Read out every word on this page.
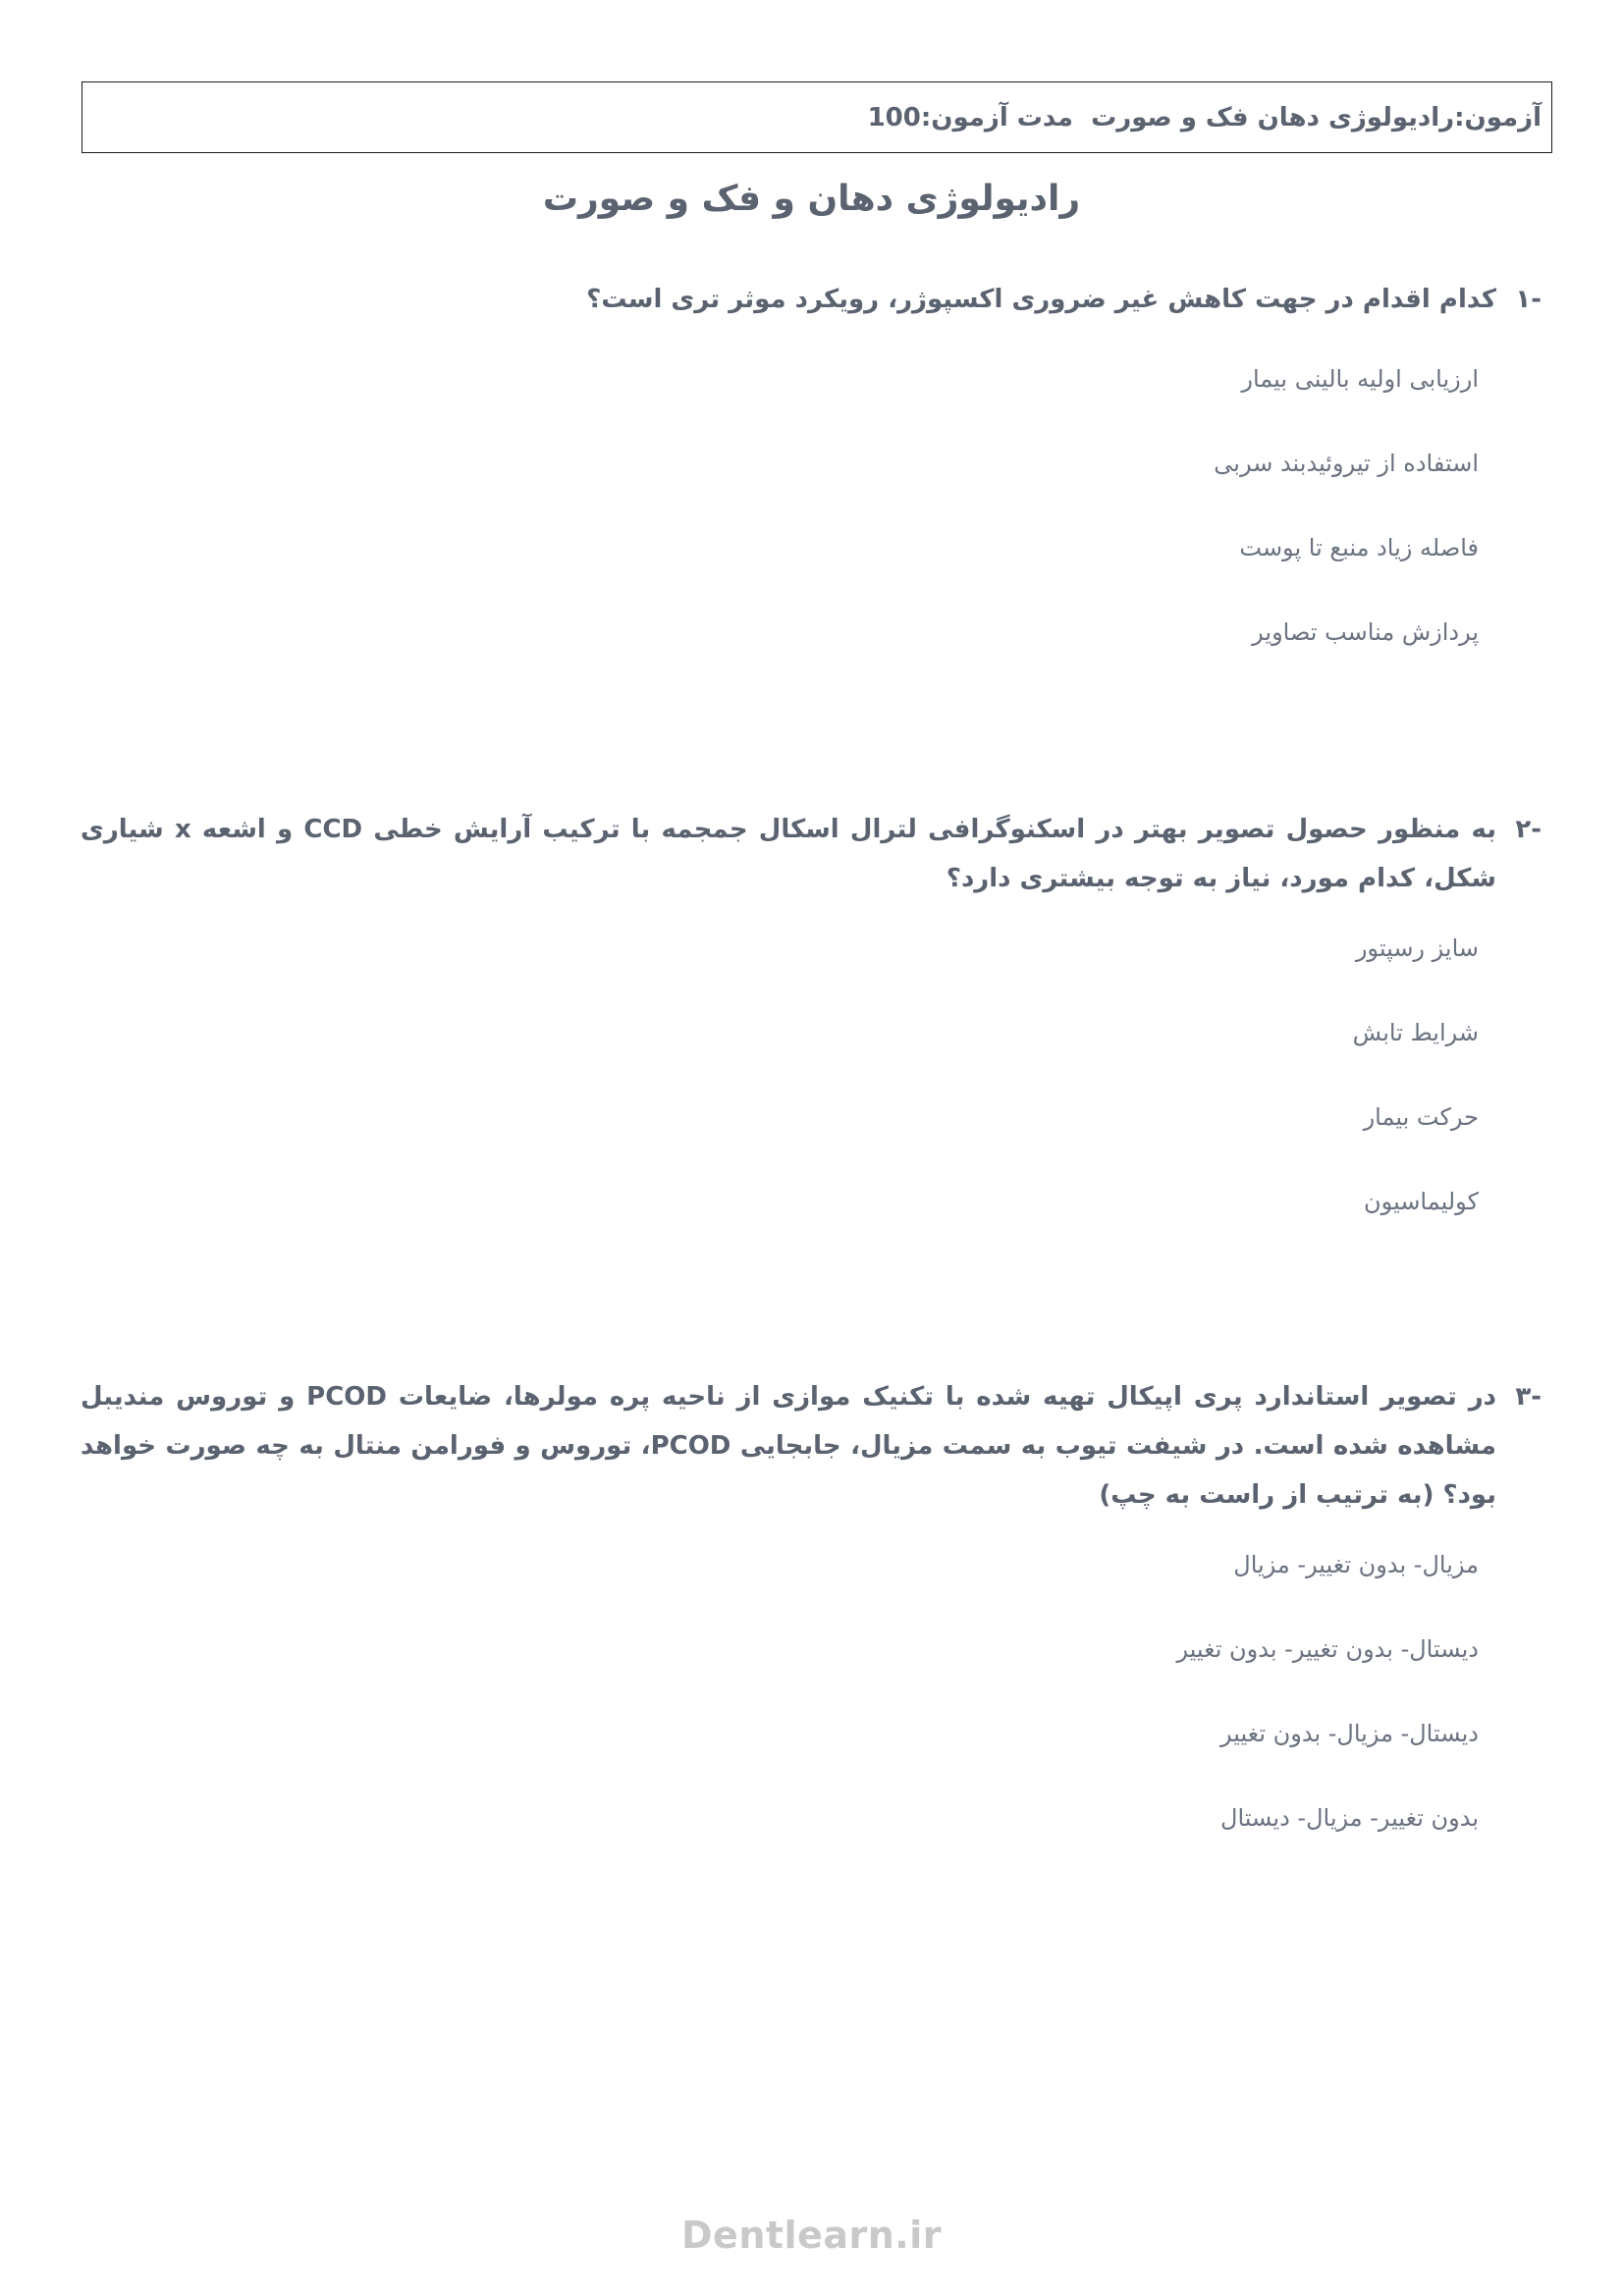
آزمون:رادیولوژی دهان فک و صورت  مدت آزمون:100
رادیولوژی دهان و فک و صورت
-۱
کدام اقدام در جهت کاهش غیر ضروری اکسپوژر، رویکرد موثر تری است؟
ارزیابی اولیه بالینی بیمار
استفاده از تیروئیدبند سربی
فاصله زیاد منبع تا پوست
پردازش مناسب تصاویر
-۲
به منظور حصول تصویر بهتر در اسکنوگرافی لترال اسکال جمجمه با ترکیب آرایش خطی CCD و اشعه x شیاری شکل، کدام مورد، نیاز به توجه بیشتری دارد؟
سایز رسپتور
شرایط تابش
حرکت بیمار
کولیماسیون
-۳
در تصویر استاندارد پری اپیکال تهیه شده با تکنیک موازی از ناحیه پره مولرها، ضایعات PCOD و توروس مندیبل مشاهده شده است. در شیفت تیوب به سمت مزیال، جابجایی PCOD، توروس و فورامن منتال به چه صورت خواهد بود؟ (به ترتیب از راست به چپ)
مزیال- بدون تغییر- مزیال
دیستال- بدون تغییر- بدون تغییر
دیستال- مزیال- بدون تغییر
بدون تغییر- مزیال- دیستال
Dentlearn.ir
